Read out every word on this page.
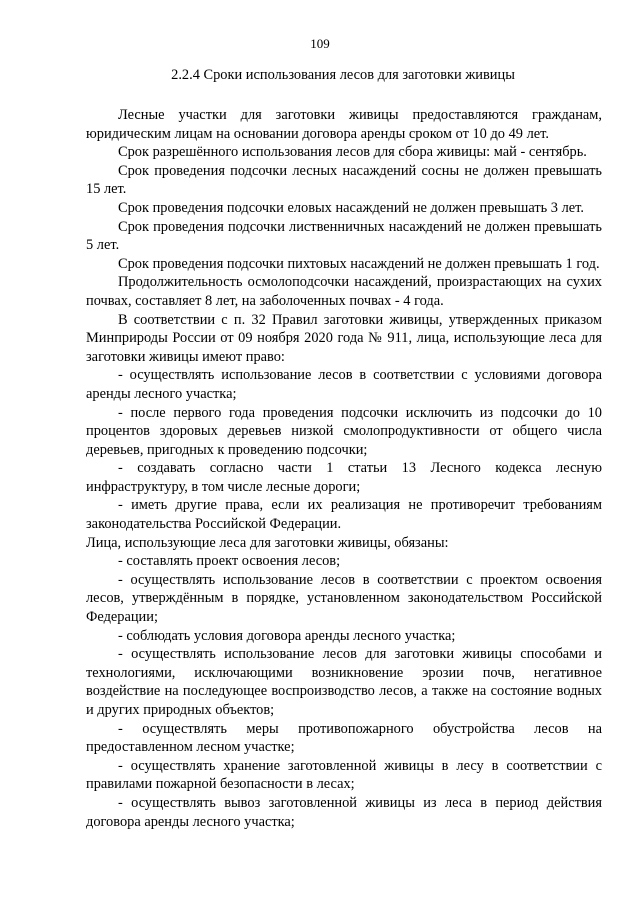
109
2.2.4 Сроки использования лесов для заготовки живицы

Лесные участки для заготовки живицы предоставляются гражданам, юридическим лицам на основании договора аренды сроком от 10 до 49 лет.

Срок разрешённого использования лесов для сбора живицы: май - сентябрь.

Срок проведения подсочки лесных насаждений сосны не должен превышать 15 лет.

Срок проведения подсочки еловых насаждений не должен превышать 3 лет.

Срок проведения подсочки лиственничных насаждений не должен превышать 5 лет.

Срок проведения подсочки пихтовых насаждений не должен превышать 1 год.

Продолжительность осмолоподсочки насаждений, произрастающих на сухих почвах, составляет 8 лет, на заболоченных почвах - 4 года.

В соответствии с п. 32 Правил заготовки живицы, утвержденных приказом Минприроды России от 09 ноября 2020 года № 911, лица, использующие леса для заготовки живицы имеют право:

- осуществлять использование лесов в соответствии с условиями договора аренды лесного участка;

- после первого года проведения подсочки исключить из подсочки до 10 процентов здоровых деревьев низкой смолопродуктивности от общего числа деревьев, пригодных к проведению подсочки;

- создавать согласно части 1 статьи 13 Лесного кодекса лесную инфраструктуру, в том числе лесные дороги;

- иметь другие права, если их реализация не противоречит требованиям законодательства Российской Федерации.

Лица, использующие леса для заготовки живицы, обязаны:

- составлять проект освоения лесов;

- осуществлять использование лесов в соответствии с проектом освоения лесов, утверждённым в порядке, установленном законодательством Российской Федерации;

- соблюдать условия договора аренды лесного участка;

- осуществлять использование лесов для заготовки живицы способами и технологиями, исключающими возникновение эрозии почв, негативное воздействие на последующее воспроизводство лесов, а также на состояние водных и других природных объектов;

- осуществлять меры противопожарного обустройства лесов на предоставленном лесном участке;

- осуществлять хранение заготовленной живицы в лесу в соответствии с правилами пожарной безопасности в лесах;

- осуществлять вывоз заготовленной живицы из леса в период действия договора аренды лесного участка;
